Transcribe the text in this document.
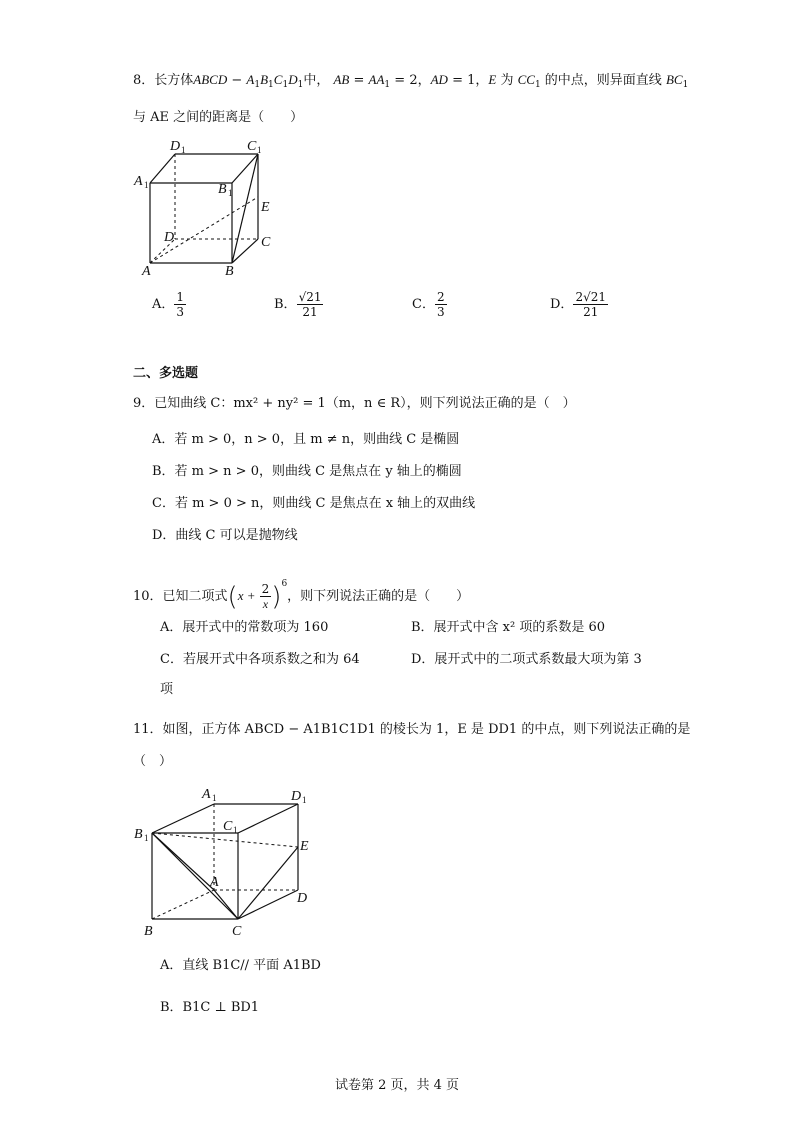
8．长方体ABCD − $A_1B_1C_1D_1$中， AB = $AA_1 = 2$，AD = 1，E 为 $CC_1$ 的中点，则异面直线 $BC_1$
与 AE 之间的距离是（　　）
D 1	C 1
A 1	B 1
E
D	C
A	B
A． $\frac{1}{3}$	B． $\frac{√21}{21}$	C． $\frac{2}{3}$	D． $\frac{2√21}{21}$
二、多选题
9．已知曲线 C：mx² + ny² = 1（m，n ∈ R），则下列说法正确的是（　）
A．若 m > 0，n > 0，且 m ≠ n，则曲线 C 是椭圆
B．若 m > n > 0，则曲线 C 是焦点在 y 轴上的椭圆
C．若 m > 0 > n，则曲线 C 是焦点在 x 轴上的双曲线
D．曲线 C 可以是抛物线
10．已知二项式$(x + \frac{2}{x} )^6$，则下列说法正确的是（　　）
A．展开式中的常数项为 160	B．展开式中含 x² 项的系数是 60
C．若展开式中各项系数之和为 64	D．展开式中的二项式系数最大项为第 3
项
11．如图，正方体 ABCD − A1B1C1D1 的棱长为 1，E 是 DD1 的中点，则下列说法正确的是
（　）
A 1	D 1
B 1
C 1
E
A
D
B	C
A．直线 B1C// 平面 A1BD
B．B1C ⊥ BD1
试卷第 2 页，共 4 页
